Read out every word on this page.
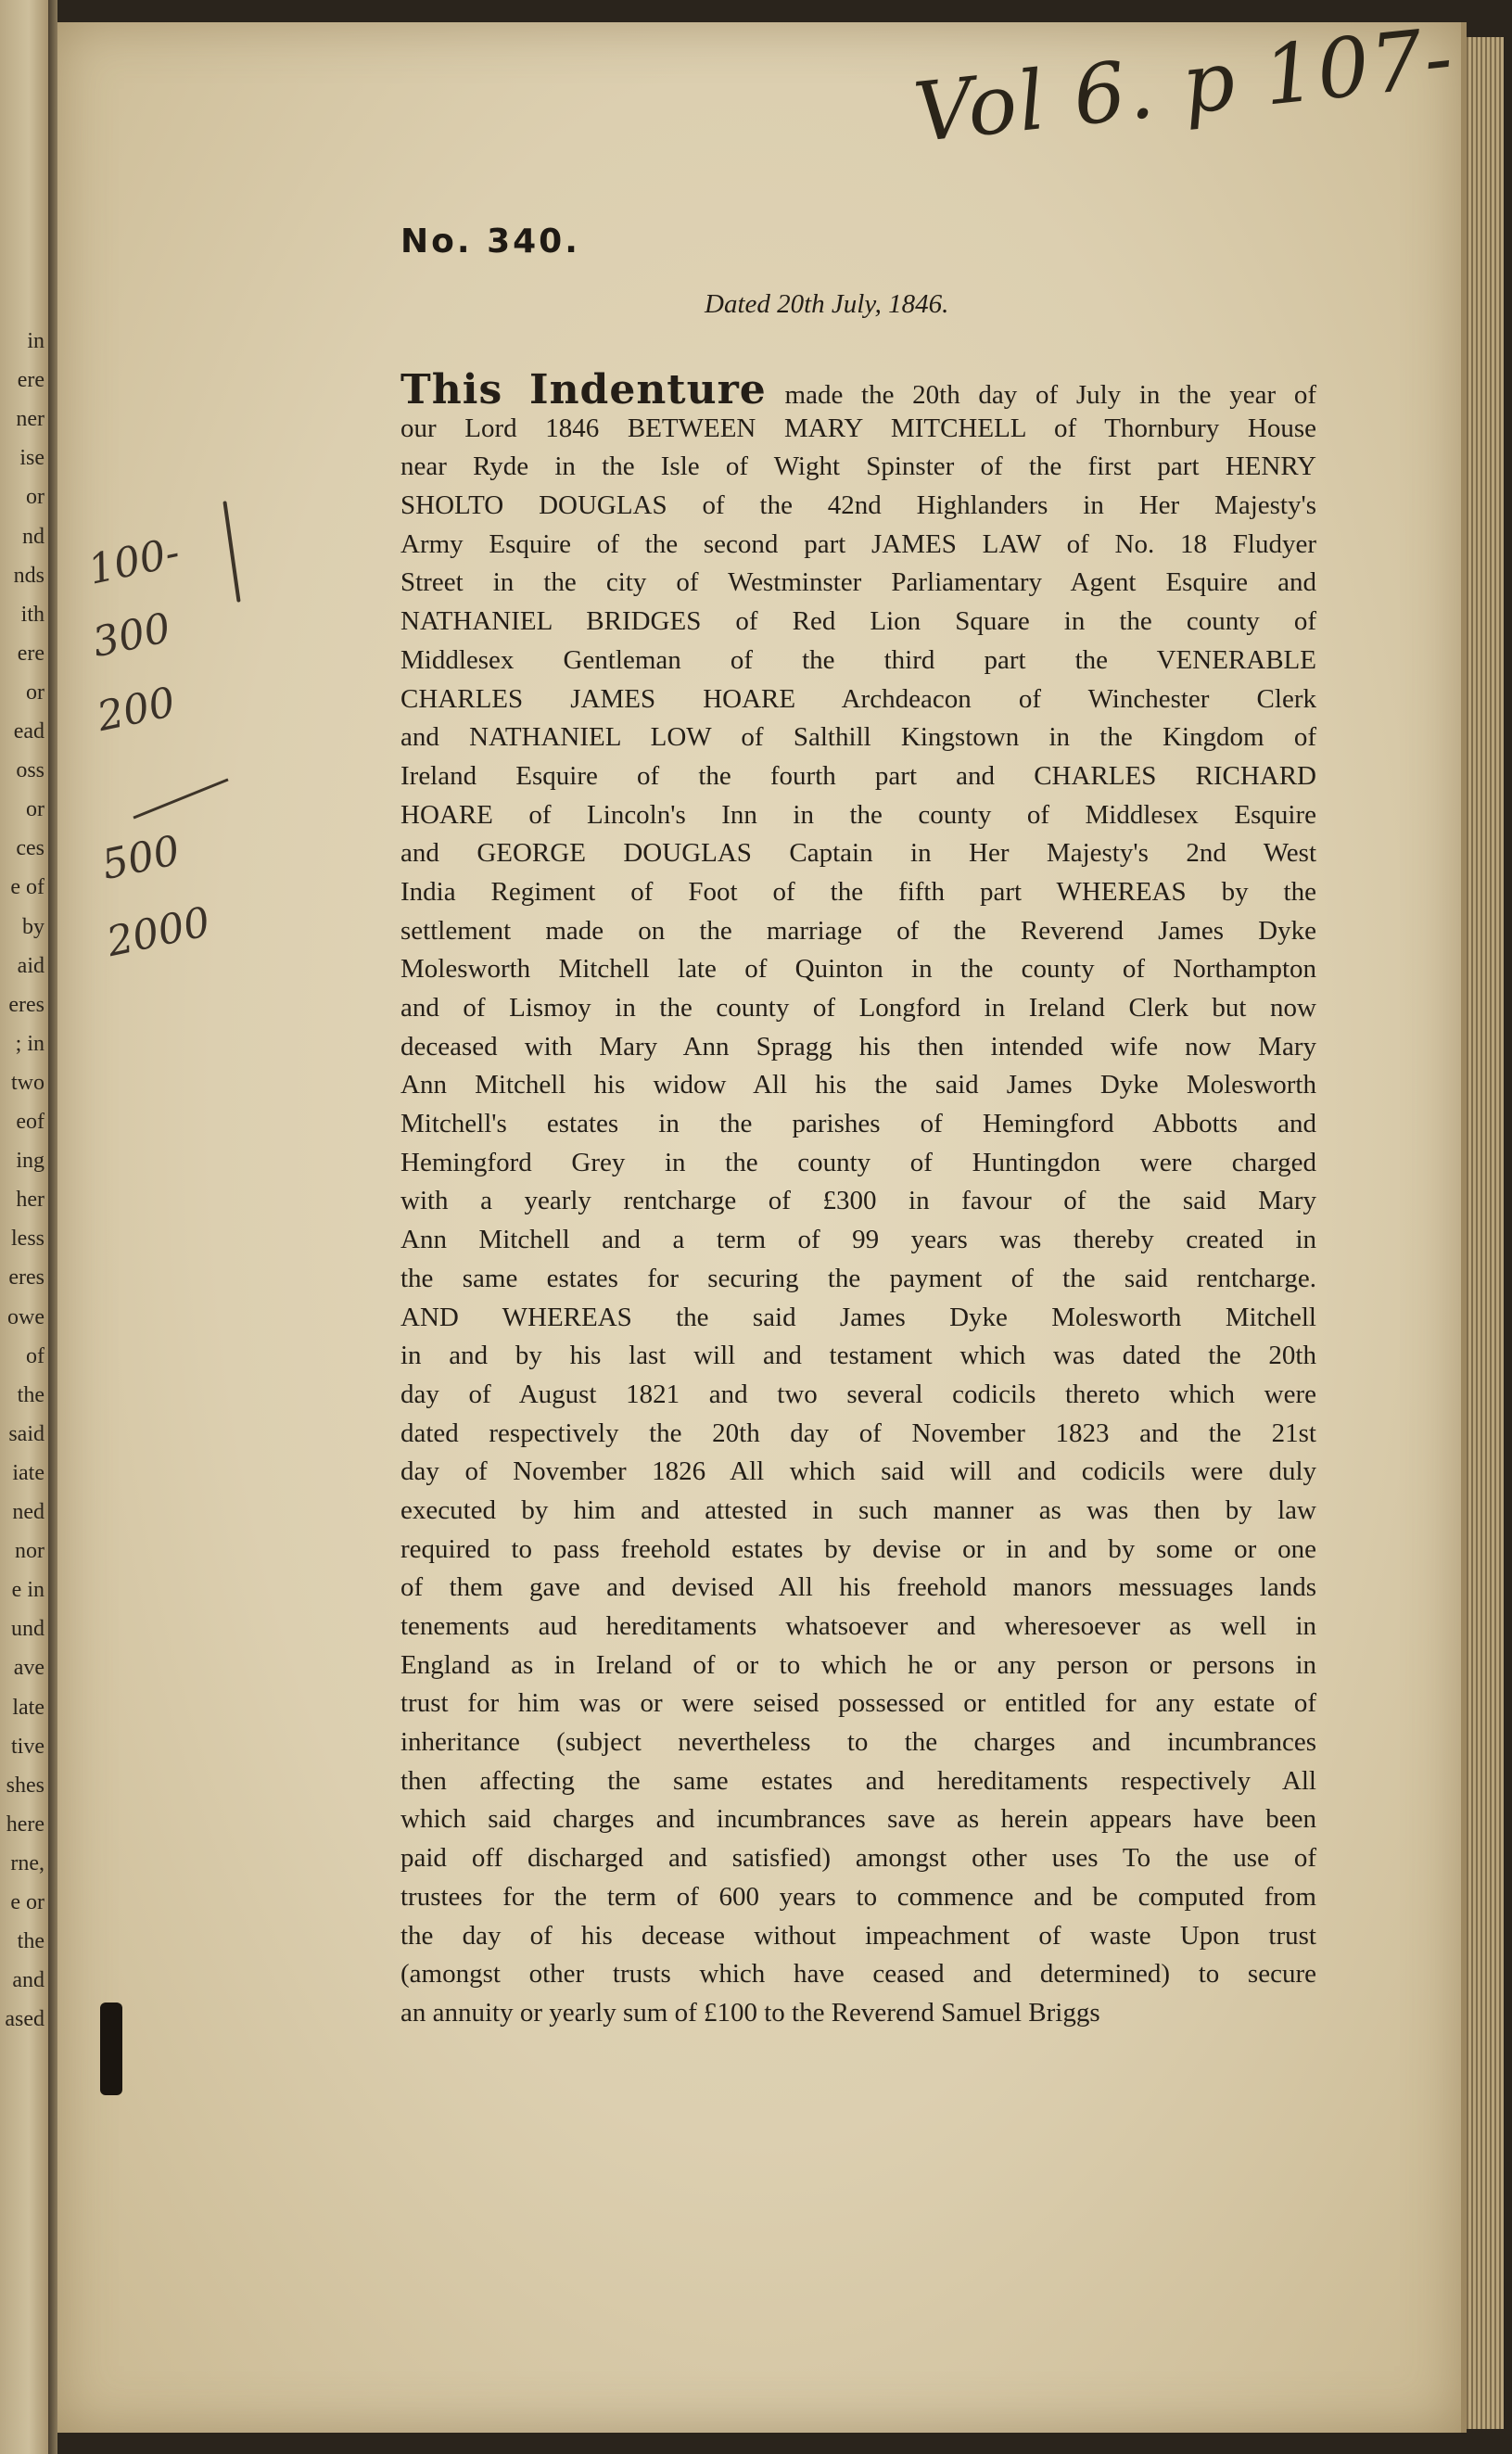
in
ere
ner
ise
or
nd
nds
ith
ere
or
ead
oss
or
ces
e of
by
aid
eres
; in
two
eof
ing
her
less
eres
owe
of
the
said
iate
ned
nor
e in
und
ave
late
tive
shes
here
rne,
e or
the
and
ased
Vol 6. p 107-
No. 340.
Dated 20th July, 1846.
100-
300
200
500
2000
This Indenture made the 20th day of July in the year of
our Lord 1846 BETWEEN MARY MITCHELL of Thornbury House
near Ryde in the Isle of Wight Spinster of the first part HENRY
SHOLTO DOUGLAS of the 42nd Highlanders in Her Majesty's
Army Esquire of the second part JAMES LAW of No. 18 Fludyer
Street in the city of Westminster Parliamentary Agent Esquire and
NATHANIEL BRIDGES of Red Lion Square in the county of
Middlesex Gentleman of the third part the VENERABLE
CHARLES JAMES HOARE Archdeacon of Winchester Clerk
and NATHANIEL LOW of Salthill Kingstown in the Kingdom of
Ireland Esquire of the fourth part and CHARLES RICHARD
HOARE of Lincoln's Inn in the county of Middlesex Esquire
and GEORGE DOUGLAS Captain in Her Majesty's 2nd West
India Regiment of Foot of the fifth part WHEREAS by the
settlement made on the marriage of the Reverend James Dyke
Molesworth Mitchell late of Quinton in the county of Northampton
and of Lismoy in the county of Longford in Ireland Clerk but now
deceased with Mary Ann Spragg his then intended wife now Mary
Ann Mitchell his widow All his the said James Dyke Molesworth
Mitchell's estates in the parishes of Hemingford Abbotts and
Hemingford Grey in the county of Huntingdon were charged
with a yearly rentcharge of £300 in favour of the said Mary
Ann Mitchell and a term of 99 years was thereby created in
the same estates for securing the payment of the said rentcharge.
AND WHEREAS the said James Dyke Molesworth Mitchell
in and by his last will and testament which was dated the 20th
day of August 1821 and two several codicils thereto which were
dated respectively the 20th day of November 1823 and the 21st
day of November 1826 All which said will and codicils were duly
executed by him and attested in such manner as was then by law
required to pass freehold estates by devise or in and by some or one
of them gave and devised All his freehold manors messuages lands
tenements aud hereditaments whatsoever and wheresoever as well in
England as in Ireland of or to which he or any person or persons in
trust for him was or were seised possessed or entitled for any estate of
inheritance (subject nevertheless to the charges and incumbrances
then affecting the same estates and hereditaments respectively All
which said charges and incumbrances save as herein appears have been
paid off discharged and satisfied) amongst other uses To the use of
trustees for the term of 600 years to commence and be computed from
the day of his decease without impeachment of waste Upon trust
(amongst other trusts which have ceased and determined) to secure
an annuity or yearly sum of £100 to the Reverend Samuel Briggs
